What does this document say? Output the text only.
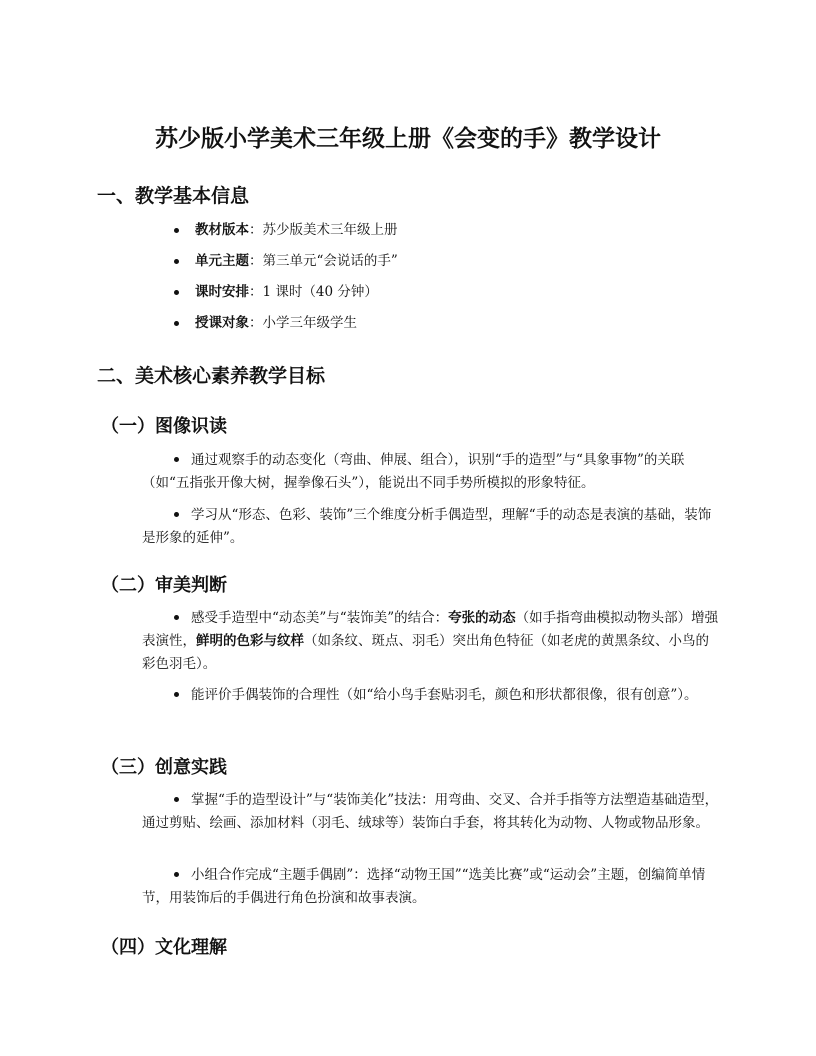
苏少版小学美术三年级上册《会变的手》教学设计
一、教学基本信息
教材版本：苏少版美术三年级上册
单元主题：第三单元“会说话的手”
课时安排：1 课时（40 分钟）
授课对象：小学三年级学生
二、美术核心素养教学目标
（一）图像识读

通过观察手的动态变化（弯曲、伸展、组合），识别“手的造型”与“具象事物”的关联（如“五指张开像大树，握拳像石头”），能说出不同手势所模拟的形象特征。

学习从“形态、色彩、装饰”三个维度分析手偶造型，理解“手的动态是表演的基础，装饰是形象的延伸”。

（二）审美判断

感受手造型中“动态美”与“装饰美”的结合：夸张的动态（如手指弯曲模拟动物头部）增强表演性，鲜明的色彩与纹样（如条纹、斑点、羽毛）突出角色特征（如老虎的黄黑条纹、小鸟的彩色羽毛）。

能评价手偶装饰的合理性（如“给小鸟手套贴羽毛，颜色和形状都很像，很有创意”）。

（三）创意实践

掌握“手的造型设计”与“装饰美化”技法：用弯曲、交叉、合并手指等方法塑造基础造型，通过剪贴、绘画、添加材料（羽毛、绒球等）装饰白手套，将其转化为动物、人物或物品形象。

小组合作完成“主题手偶剧”：选择“动物王国”“选美比赛”或“运动会”主题，创编简单情节，用装饰后的手偶进行角色扮演和故事表演。

（四）文化理解
